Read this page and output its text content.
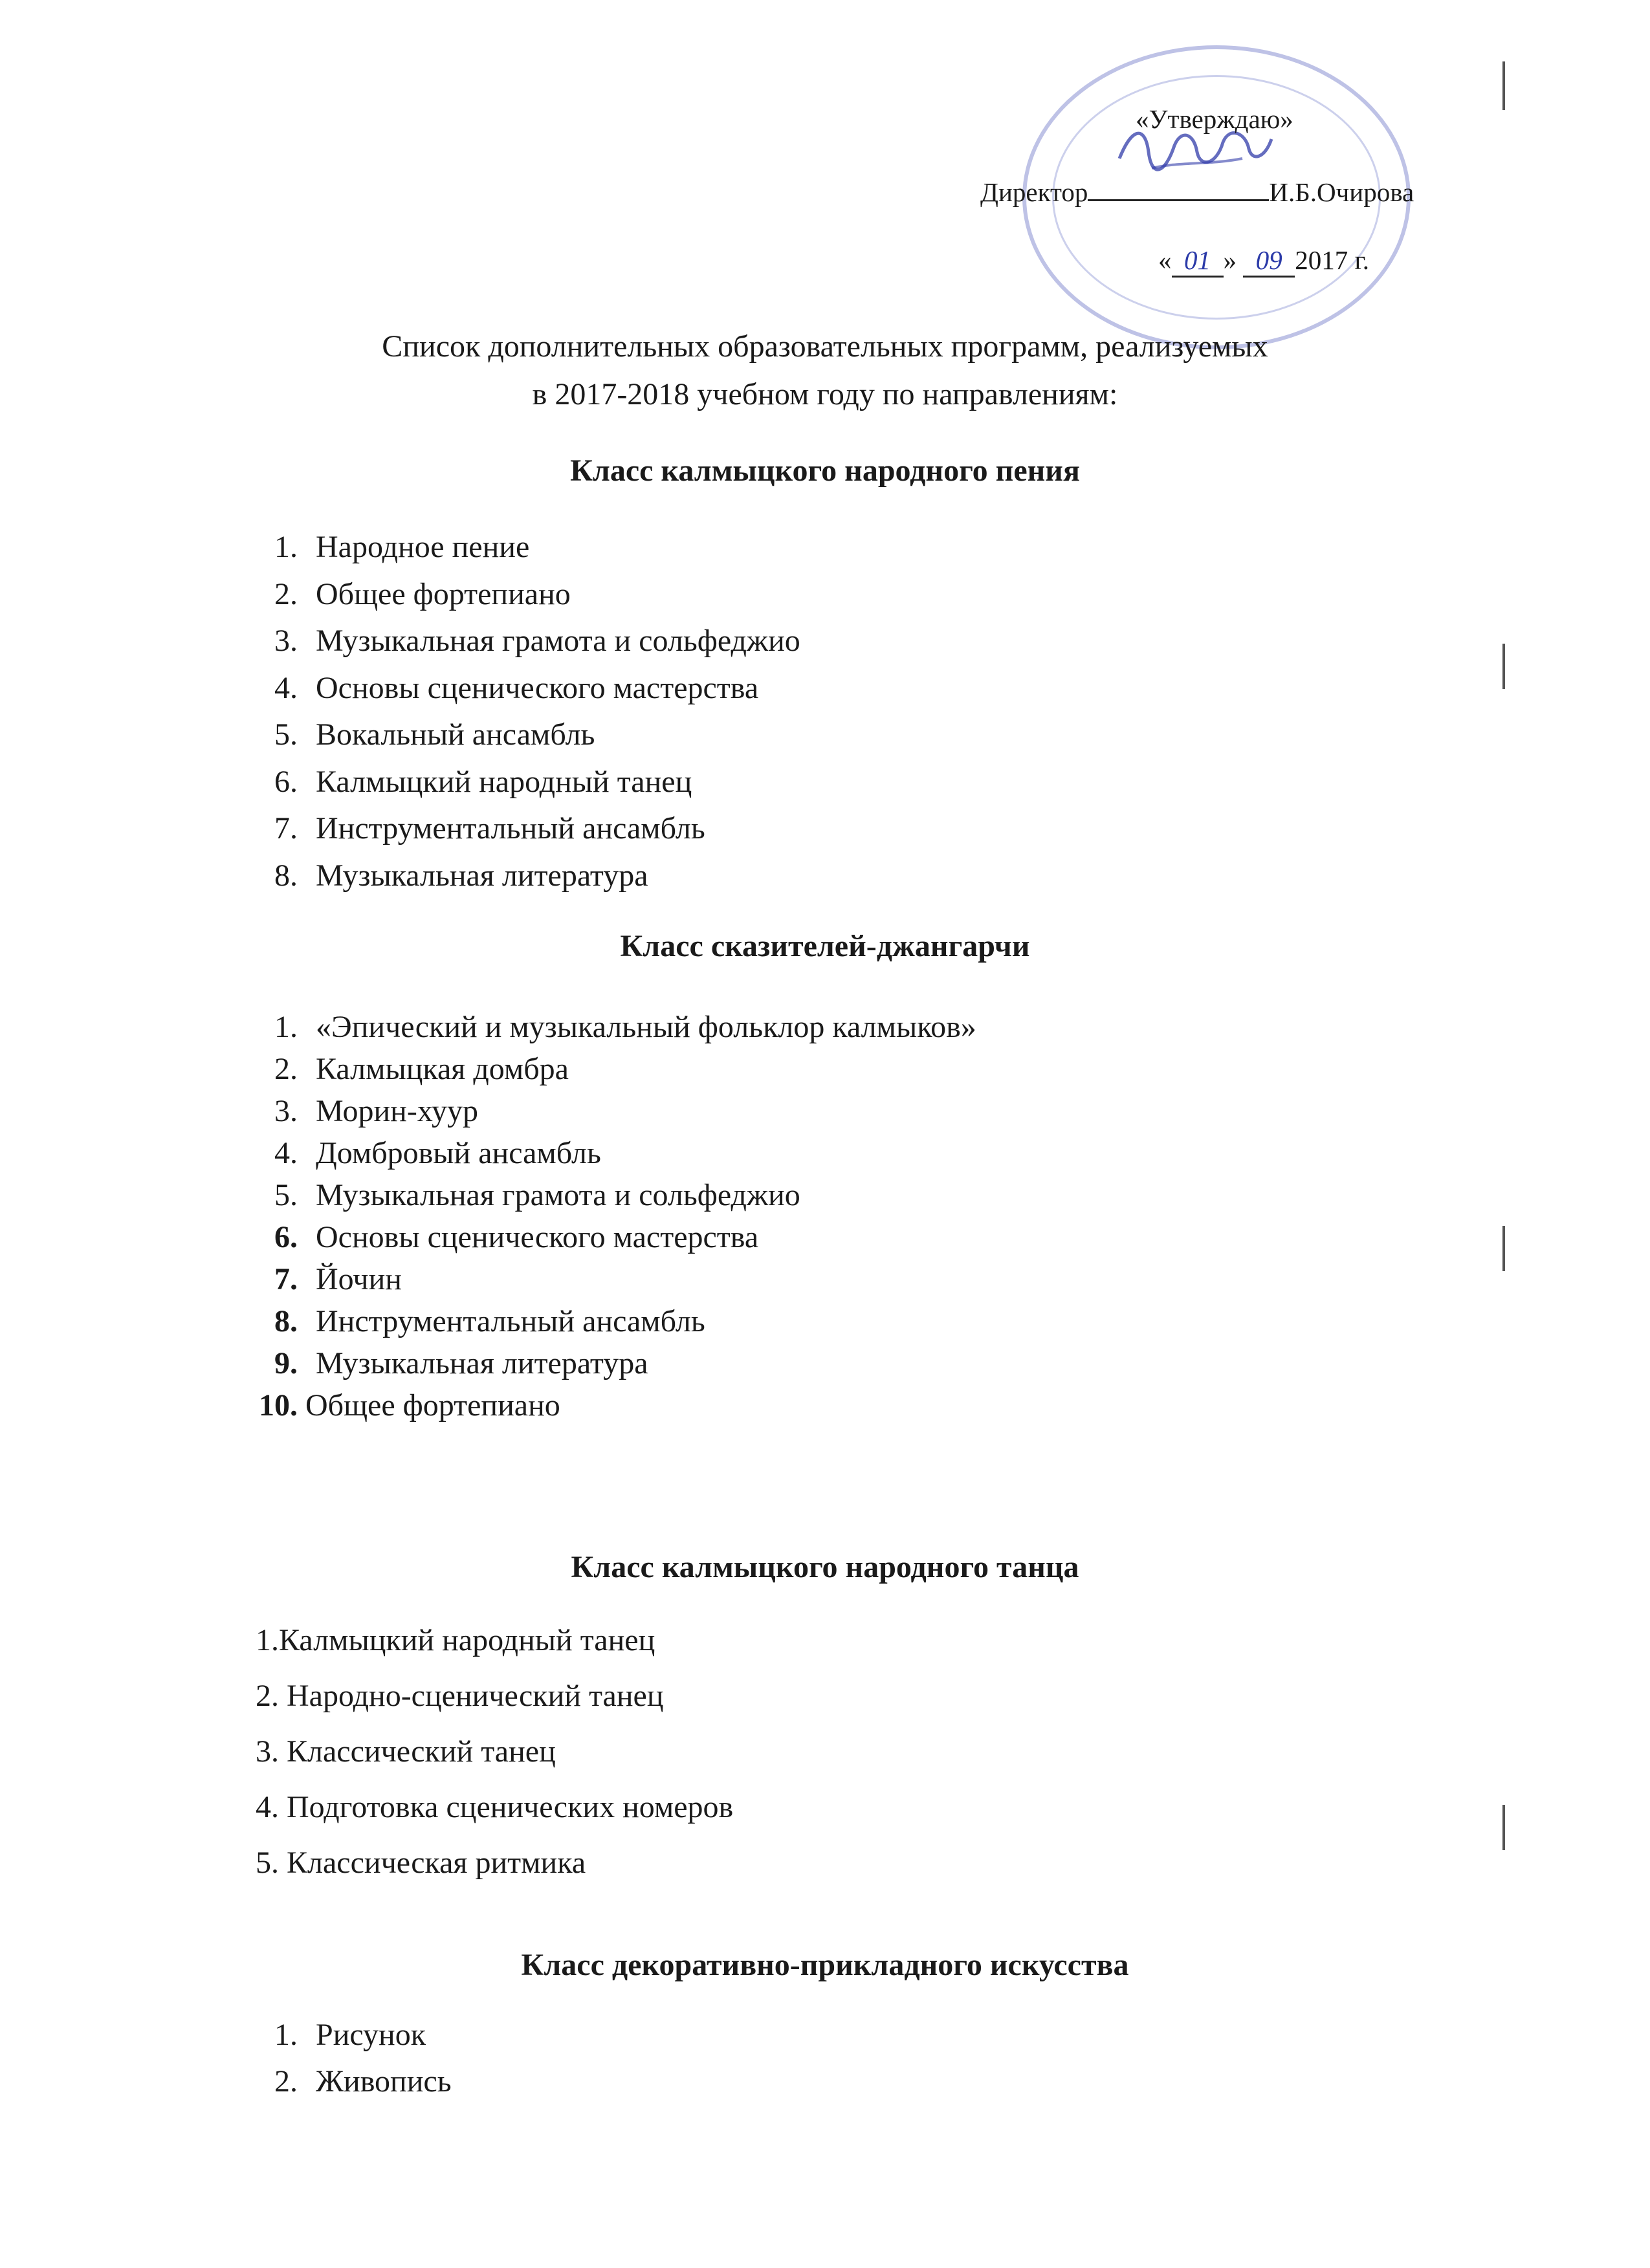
«Утверждаю»
Директор	И.Б.Очирова
« 01 » 09 2017 г.
Список дополнительных образовательных программ, реализуемых
в 2017-2018 учебном году по направлениям:
Класс калмыцкого народного пения
1. Народное пение
2. Общее фортепиано
3. Музыкальная грамота и сольфеджио
4. Основы сценического мастерства
5. Вокальный ансамбль
6. Калмыцкий народный танец
7. Инструментальный ансамбль
8. Музыкальная литература
Класс сказителей-джангарчи
1. «Эпический и музыкальный фольклор калмыков»
2. Калмыцкая домбра
3. Морин-хуур
4. Домбровый ансамбль
5. Музыкальная грамота и сольфеджио
6. Основы сценического мастерства
7. Йочин
8. Инструментальный ансамбль
9. Музыкальная литература
10. Общее фортепиано
Класс калмыцкого народного танца
1.Калмыцкий народный танец
2. Народно-сценический танец
3. Классический танец
4. Подготовка сценических номеров
5. Классическая ритмика
Класс декоративно-прикладного искусства
1. Рисунок
2. Живопись
